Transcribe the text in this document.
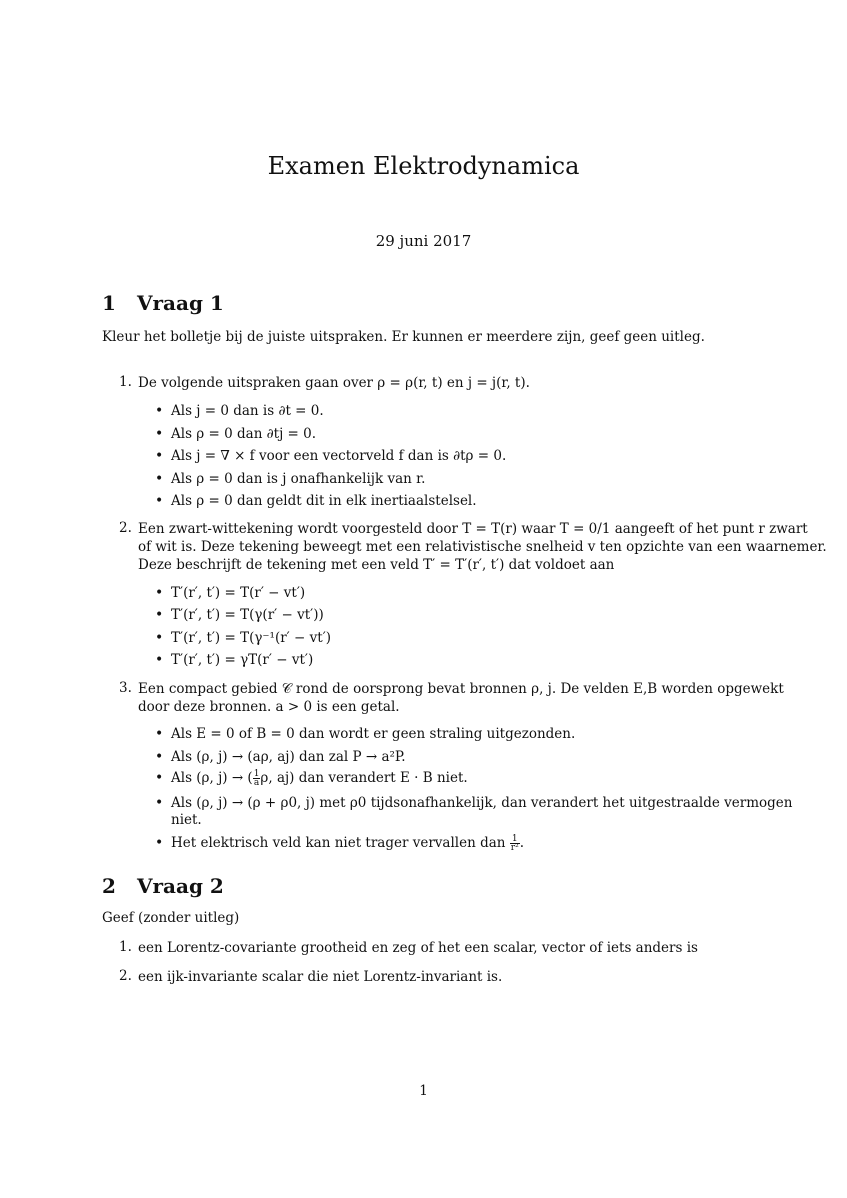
Examen Elektrodynamica
29 juni 2017
1 Vraag 1
Kleur het bolletje bij de juiste uitspraken. Er kunnen er meerdere zijn, geef geen uitleg.
1. De volgende uitspraken gaan over ρ = ρ(r, t) en j = j(r, t).
• Als j = 0 dan is ∂t = 0.
• Als ρ = 0 dan ∂tj = 0.
• Als j = ∇ × f voor een vectorveld f dan is ∂tρ = 0.
• Als ρ = 0 dan is j onafhankelijk van r.
• Als ρ = 0 dan geldt dit in elk inertiaalstelsel.
2. Een zwart-wittekening wordt voorgesteld door T = T(r) waar T = 0/1 aangeeft of het punt r zwart
of wit is. Deze tekening beweegt met een relativistische snelheid v ten opzichte van een waarnemer.
Deze beschrijft de tekening met een veld T′ = T′(r′, t′) dat voldoet aan
• T′(r′, t′) = T(r′ − vt′)
• T′(r′, t′) = T(γ(r′ − vt′))
• T′(r′, t′) = T(γ⁻¹(r′ − vt′)
• T′(r′, t′) = γT(r′ − vt′)
3. Een compact gebied 𝒞 rond de oorsprong bevat bronnen ρ, j. De velden E,B worden opgewekt
door deze bronnen. a > 0 is een getal.
• Als E = 0 of B = 0 dan wordt er geen straling uitgezonden.
• Als (ρ, j) → (aρ, aj) dan zal P → a²P.
• Als (ρ, j) → ( $\frac{1}{a} \rho$, aj) dan verandert E · B niet.
• Als (ρ, j) → (ρ + ρ0, j) met ρ0 tijdsonafhankelijk, dan verandert het uitgestraalde vermogen
niet.
• Het elektrisch veld kan niet trager vervallen dan $\frac{1}{\text{r²}}$ .
2 Vraag 2
Geef (zonder uitleg)
1. een Lorentz-covariante grootheid en zeg of het een scalar, vector of iets anders is
2. een ijk-invariante scalar die niet Lorentz-invariant is.
1
